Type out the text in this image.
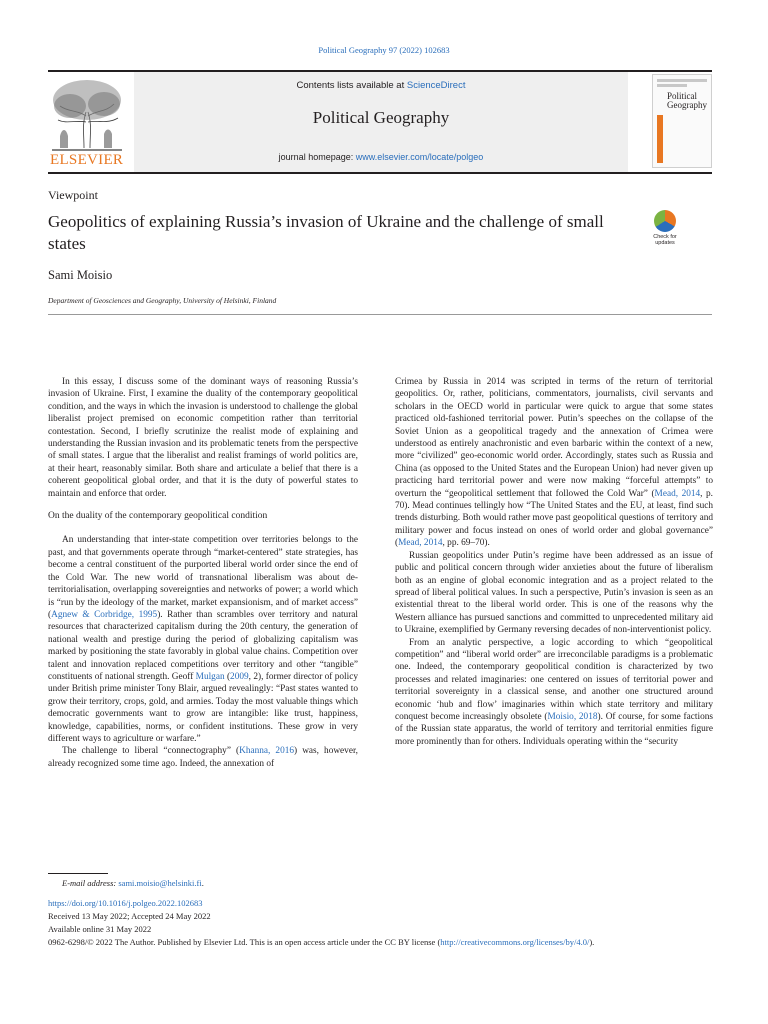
Political Geography 97 (2022) 102683
ELSEVIER
Contents lists available at ScienceDirect
Political Geography
journal homepage: www.elsevier.com/locate/polgeo
Political
Geography
Viewpoint
Geopolitics of explaining Russia’s invasion of Ukraine and the challenge of small states	Check for
updates
Sami Moisio
Department of Geosciences and Geography, University of Helsinki, Finland

In this essay, I discuss some of the dominant ways of reasoning Russia’s invasion of Ukraine. First, I examine the duality of the contemporary geopolitical condition, and the ways in which the invasion is understood to challenge the global liberalist project premised on economic competition rather than territorial contestation. Second, I briefly scrutinize the realist mode of explaining and understanding the Russian invasion and its problematic tenets from the perspective of small states. I argue that the liberalist and realist framings of world politics are, at their heart, reasonably similar. Both share and articulate a belief that there is a coherent geopolitical global order, and that it is the duty of powerful states to maintain and enforce that order.

On the duality of the contemporary geopolitical condition

An understanding that inter-state competition over territories belongs to the past, and that governments operate through “market-centered” state strategies, has become a central constituent of the purported liberal world order since the end of the Cold War. The new world of transnational liberalism was about de-territorialisation, overlapping sovereignties and networks of power; a world which is “run by the ideology of the market, market expansionism, and of market access” (Agnew & Corbridge, 1995). Rather than scrambles over territory and natural resources that characterized capitalism during the 20th century, the generation of national wealth and prestige during the period of globalizing capitalism was marked by positioning the state favorably in global value chains. Competition over talent and innovation replaced competitions over territory and other “tangible” constituents of national strength. Geoff Mulgan (2009, 2), former director of policy under British prime minister Tony Blair, argued revealingly: “Past states wanted to grow their territory, crops, gold, and armies. Today the most valuable things which democratic governments want to grow are intangible: like trust, happiness, knowledge, capabilities, norms, or confident institutions. These grow in very different ways to agriculture or warfare.”

The challenge to liberal “connectography” (Khanna, 2016) was, however, already recognized some time ago. Indeed, the annexation of

Crimea by Russia in 2014 was scripted in terms of the return of territorial geopolitics. Or, rather, politicians, commentators, journalists, civil servants and scholars in the OECD world in particular were quick to argue that some states practiced old-fashioned territorial power. Putin’s speeches on the collapse of the Soviet Union as a geopolitical tragedy and the annexation of Crimea were understood as entirely anachronistic and even barbaric within the context of a new, more “civilized” geo-economic world order. Accordingly, states such as Russia and China (as opposed to the United States and the European Union) had never given up practicing hard territorial power and were now making “forceful attempts” to overturn the “geopolitical settlement that followed the Cold War” (Mead, 2014, p. 70). Mead continues tellingly how “The United States and the EU, at least, find such trends disturbing. Both would rather move past geopolitical questions of territory and military power and focus instead on ones of world order and global governance” (Mead, 2014, pp. 69–70).

Russian geopolitics under Putin’s regime have been addressed as an issue of public and political concern through wider anxieties about the future of liberalism both as an engine of global economic integration and as a project related to the spread of liberal political values. In such a perspective, Putin’s invasion is seen as an existential threat to the liberal world order. This is one of the reasons why the Western alliance has pursued sanctions and committed to unprecedented military aid to Ukraine, exemplified by Germany reversing decades of non-interventionist policy.

From an analytic perspective, a logic according to which “geopolitical competition” and “liberal world order” are irreconcilable paradigms is a problematic one. Indeed, the contemporary geopolitical condition is characterized by two processes and related imaginaries: one centered on issues of territorial power and territorial sovereignty in a classical sense, and another one structured around economic ‘hub and flow’ imaginaries within which state territory and military conquest become increasingly obsolete (Moisio, 2018). Of course, for some factions of the Russian state apparatus, the world of territory and territorial enmities figure more prominently than for others. Individuals operating within the “security

E-mail address: sami.moisio@helsinki.fi.
https://doi.org/10.1016/j.polgeo.2022.102683
Received 13 May 2022; Accepted 24 May 2022
Available online 31 May 2022
0962-6298/© 2022 The Author. Published by Elsevier Ltd. This is an open access article under the CC BY license (http://creativecommons.org/licenses/by/4.0/).
